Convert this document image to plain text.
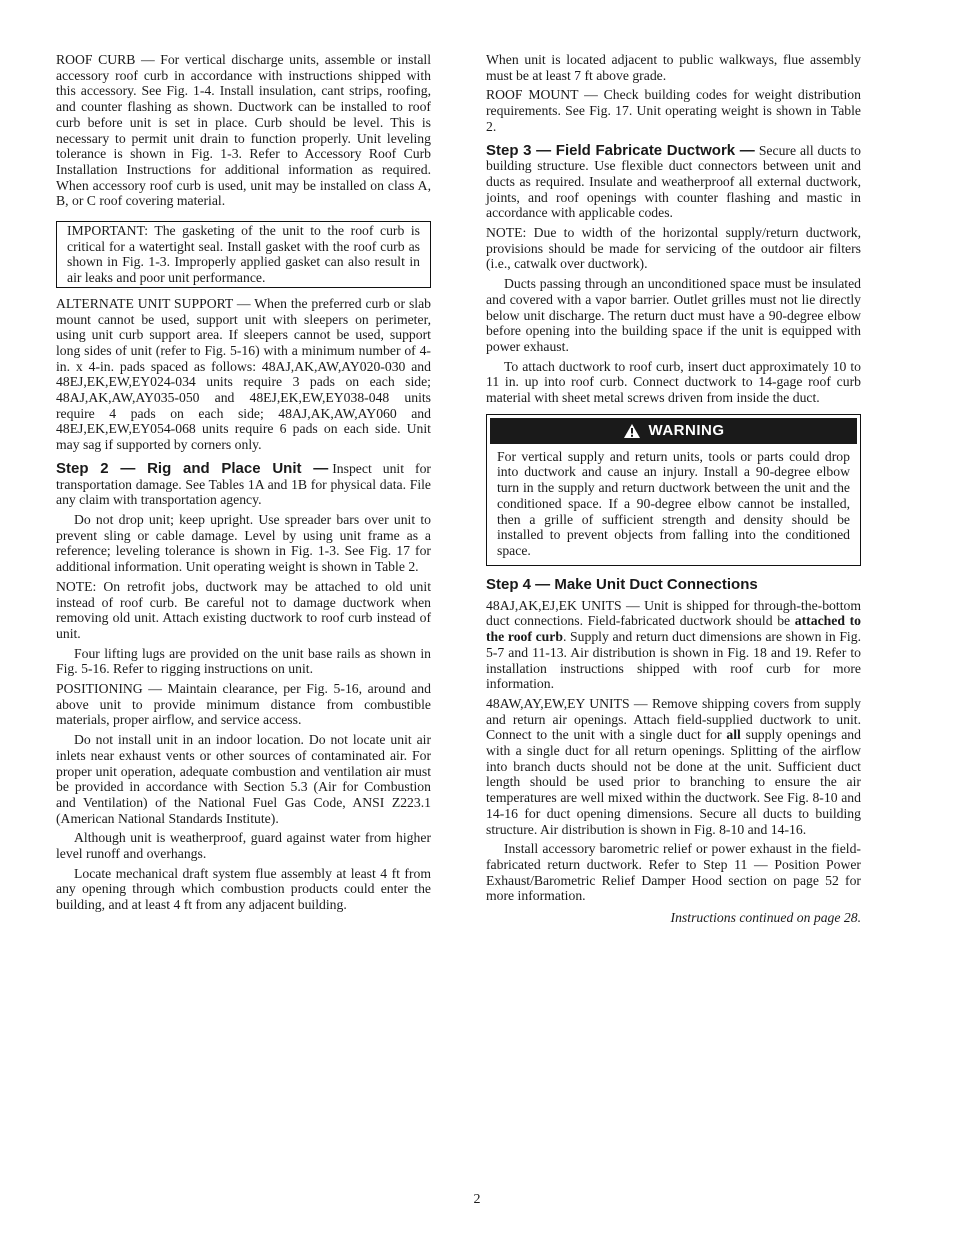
ROOF CURB — For vertical discharge units, assemble or install accessory roof curb in accordance with instructions shipped with this accessory. See Fig. 1-4. Install insulation, cant strips, roofing, and counter flashing as shown. Ductwork can be installed to roof curb before unit is set in place. Curb should be level. This is necessary to permit unit drain to function properly. Unit leveling tolerance is shown in Fig. 1-3. Refer to Accessory Roof Curb Installation Instructions for additional information as required. When accessory roof curb is used, unit may be installed on class A, B, or C roof covering material.

IMPORTANT: The gasketing of the unit to the roof curb is critical for a watertight seal. Install gasket with the roof curb as shown in Fig. 1-3. Improperly applied gasket can also result in air leaks and poor unit performance.

ALTERNATE UNIT SUPPORT — When the preferred curb or slab mount cannot be used, support unit with sleepers on perimeter, using unit curb support area. If sleepers cannot be used, support long sides of unit (refer to Fig. 5-16) with a minimum number of 4-in. x 4-in. pads spaced as follows: 48AJ,AK,AW,AY020-030 and 48EJ,EK,EW,EY024-034 units require 3 pads on each side; 48AJ,AK,AW,AY035-050 and 48EJ,EK,EW,EY038-048 units require 4 pads on each side; 48AJ,AK,AW,AY060 and 48EJ,EK,EW,EY054-068 units require 6 pads on each side. Unit may sag if supported by corners only.

Step 2 — Rig and Place Unit — Inspect unit for transportation damage. See Tables 1A and 1B for physical data. File any claim with transportation agency.

Do not drop unit; keep upright. Use spreader bars over unit to prevent sling or cable damage. Level by using unit frame as a reference; leveling tolerance is shown in Fig. 1-3. See Fig. 17 for additional information. Unit operating weight is shown in Table 2.

NOTE: On retrofit jobs, ductwork may be attached to old unit instead of roof curb. Be careful not to damage ductwork when removing old unit. Attach existing ductwork to roof curb instead of unit.

Four lifting lugs are provided on the unit base rails as shown in Fig. 5-16. Refer to rigging instructions on unit.

POSITIONING — Maintain clearance, per Fig. 5-16, around and above unit to provide minimum distance from combustible materials, proper airflow, and service access.

Do not install unit in an indoor location. Do not locate unit air inlets near exhaust vents or other sources of contaminated air. For proper unit operation, adequate combustion and ventilation air must be provided in accordance with Section 5.3 (Air for Combustion and Ventilation) of the National Fuel Gas Code, ANSI Z223.1 (American National Standards Institute).

Although unit is weatherproof, guard against water from higher level runoff and overhangs.

Locate mechanical draft system flue assembly at least 4 ft from any opening through which combustion products could enter the building, and at least 4 ft from any adjacent building.

When unit is located adjacent to public walkways, flue assembly must be at least 7 ft above grade.

ROOF MOUNT — Check building codes for weight distribution requirements. See Fig. 17. Unit operating weight is shown in Table 2.

Step 3 — Field Fabricate Ductwork — Secure all ducts to building structure. Use flexible duct connectors between unit and ducts as required. Insulate and weatherproof all external ductwork, joints, and roof openings with counter flashing and mastic in accordance with applicable codes.

NOTE: Due to width of the horizontal supply/return ductwork, provisions should be made for servicing of the outdoor air filters (i.e., catwalk over ductwork).

Ducts passing through an unconditioned space must be insulated and covered with a vapor barrier. Outlet grilles must not lie directly below unit discharge. The return duct must have a 90-degree elbow before opening into the building space if the unit is equipped with power exhaust.

To attach ductwork to roof curb, insert duct approximately 10 to 11 in. up into roof curb. Connect ductwork to 14-gage roof curb material with sheet metal screws driven from inside the duct.

WARNING

For vertical supply and return units, tools or parts could drop into ductwork and cause an injury. Install a 90-degree elbow turn in the supply and return ductwork between the unit and the conditioned space. If a 90-degree elbow cannot be installed, then a grille of sufficient strength and density should be installed to prevent objects from falling into the conditioned space.

Step 4 — Make Unit Duct Connections

48AJ,AK,EJ,EK UNITS — Unit is shipped for through-the-bottom duct connections. Field-fabricated ductwork should be attached to the roof curb. Supply and return duct dimensions are shown in Fig. 5-7 and 11-13. Air distribution is shown in Fig. 18 and 19. Refer to installation instructions shipped with roof curb for more information.

48AW,AY,EW,EY UNITS — Remove shipping covers from supply and return air openings. Attach field-supplied ductwork to unit. Connect to the unit with a single duct for all supply openings and with a single duct for all return openings. Splitting of the airflow into branch ducts should not be done at the unit. Sufficient duct length should be used prior to branching to ensure the air temperatures are well mixed within the ductwork. See Fig. 8-10 and 14-16 for duct opening dimensions. Secure all ducts to building structure. Air distribution is shown in Fig. 8-10 and 14-16.

Install accessory barometric relief or power exhaust in the field-fabricated return ductwork. Refer to Step 11 — Position Power Exhaust/Barometric Relief Damper Hood section on page 52 for more information.

Instructions continued on page 28.

2
